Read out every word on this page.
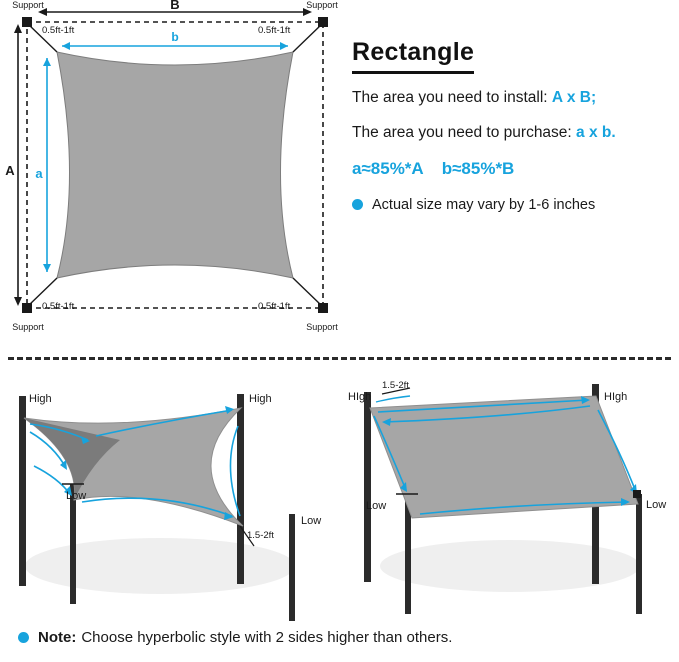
B
A
b
a
Support	Support
Support	Support
0.5ft-1ft	0.5ft-1ft
0.5ft-1ft	0.5ft-1ft
Rectangle
The area you need to install: A x B;
The area you need to purchase: a x b.
a≈85%*A b≈85%*B
Actual size may vary by 1-6 inches
High	High
Low
Low
1.5-2ft
HIgh	HIgh
Low	Low
1.5-2ft
Note: Choose hyperbolic style with 2 sides higher than others.
